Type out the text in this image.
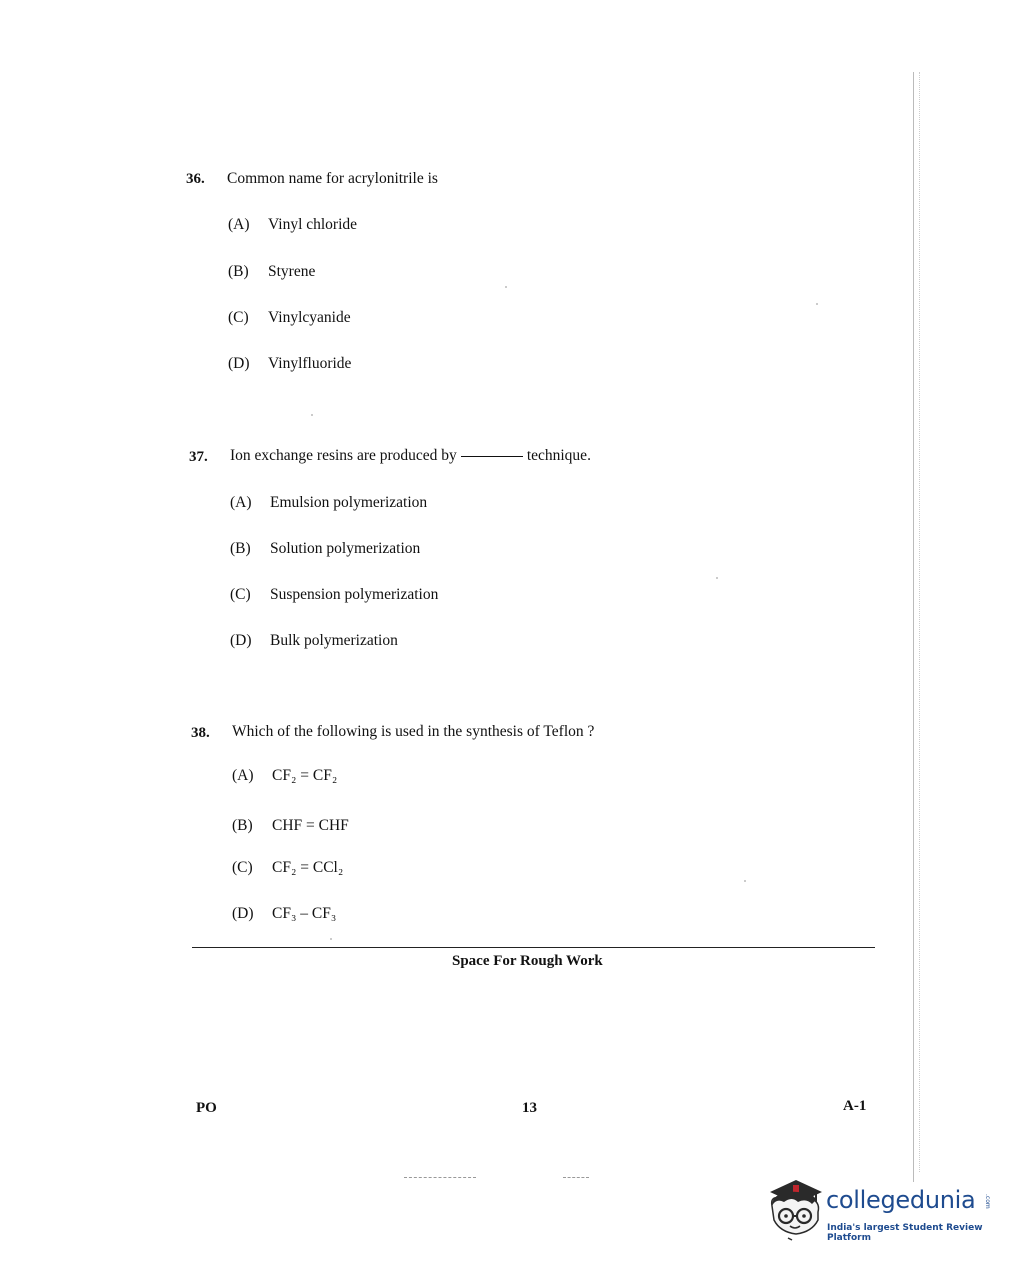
36. Common name for acrylonitrile is
(A) Vinyl chloride
(B) Styrene
(C) Vinylcyanide
(D) Vinylfluoride
37. Ion exchange resins are produced by	technique.
(A) Emulsion polymerization
(B) Solution polymerization
(C) Suspension polymerization
(D) Bulk polymerization
38. Which of the following is used in the synthesis of Teflon ?
(A) CF₂ = CF₂
(B) CHF = CHF
(C) CF₂ = CCl₂
(D) CF₃ – CF₃
Space For Rough Work
PO	13	A-1
collegedunia .com
India's largest Student Review Platform
